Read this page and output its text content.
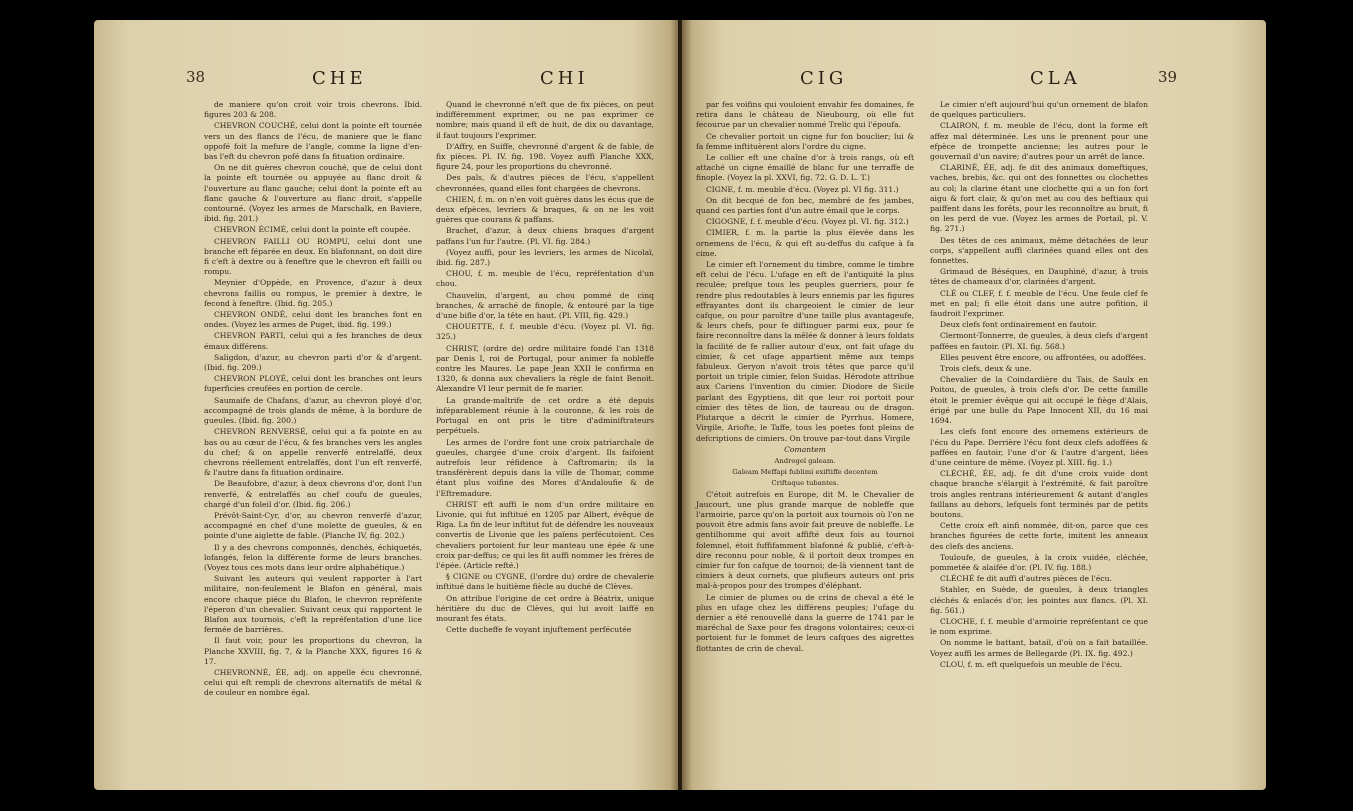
38	CHE	CHI

de maniere qu'on croit voir trois chevrons. Ibid. figures 203 & 208.

CHEVRON COUCHÉ, celui dont la pointe eft tournée vers un des flancs de l'écu, de maniere que le flanc oppofé foit la mefure de l'angle, comme la ligne d'en-bas l'eft du chevron pofé dans fa fituation ordinaire.

On ne dit guères chevron couché, que de celui dont la pointe eft tournée ou appuyée au flanc droit & l'ouverture au flanc gauche; celui dont la pointe eft au flanc gauche & l'ouverture au flanc droit, s'appelle contourné. (Voyez les armes de Marschalk, en Baviere, ibid. fig. 201.)

CHEVRON ÉCIMÉ, celui dont la pointe eft coupée.

CHEVRON FAILLI OU ROMPU, celui dont une branche eft féparée en deux. En blafonnant, on doit dire fi c'eft à dextre ou à feneftre que le chevron eft failli ou rompu.

Meynier d'Oppède, en Provence, d'azur à deux chevrons faillis ou rompus, le premier à dextre, le fecond à feneftre. (Ibid. fig. 205.)

CHEVRON ONDÉ, celui dont les branches font en ondes. (Voyez les armes de Puget, ibid. fig. 199.)

CHEVRON PARTI, celui qui a fes branches de deux émaux différens.

Saligdon, d'azur, au chevron parti d'or & d'argent. (Ibid. fig. 209.)

CHEVRON PLOYÉ, celui dont les branches ont leurs fuperficies creufées en portion de cercle.

Saumaife de Chafans, d'azur, au chevron ployé d'or, accompagné de trois glands de même, à la bordure de gueules. (Ibid. fig. 200.)

CHEVRON RENVERSÉ, celui qui a fa pointe en au bas ou au cœur de l'écu, & fes branches vers les angles du chef; & on appelle renverfé entrelaffé, deux chevrons réellement entrelaffés, dont l'un eft renverfé, & l'autre dans fa fituation ordinaire.

De Beaufobre, d'azur, à deux chevrons d'or, dont l'un renverfé, & entrelaffés au chef coufu de gueules, chargé d'un foleil d'or. (Ibid. fig. 206.)

Prévôt-Saint-Cyr, d'or, au chevron renverfé d'azur, accompagné en chef d'une molette de gueules, & en pointe d'une aiglette de fable. (Planche IV, fig. 202.)

Il y a des chevrons componnés, denchés, échiquetés, lofangés, felon la différente forme de leurs branches. (Voyez tous ces mots dans leur ordre alphabétique.)

Suivant les auteurs qui veulent rapporter à l'art militaire, non-feulement le Blafon en général, mais encore chaque piéce du Blafon, le chevron repréfente l'éperon d'un chevalier. Suivant ceux qui rapportent le Blafon aux tournois, c'eft la repréfentation d'une lice fermée de barrières.

Il faut voir, pour les proportions du chevron, la Planche XXVIII, fig. 7, & la Planche XXX, figures 16 & 17.

CHEVRONNÉ, ÉE, adj. on appelle écu chevronné, celui qui eft rempli de chevrons alternatifs de métal & de couleur en nombre égal.

Quand le chevronné n'eft que de fix pièces, on peut indifféremment exprimer, ou ne pas exprimer ce nombre; mais quand il eft de huit, de dix ou davantage, il faut toujours l'exprimer.

D'Affry, en Suiffe, chevronné d'argent & de fable, de fix pièces. Pl. IV. fig. 198. Voyez auffi Planche XXX, figure 24, pour les proportions du chevronné.

Des pals, & d'autres pièces de l'écu, s'appellent chevronnées, quand elles font chargées de chevrons.

CHIEN, f. m. on n'en voit guères dans les écus que de deux efpèces, levriers & braques, & on ne les voit guères que courans & paffans.

Brachet, d'azur, à deux chiens braques d'argent paffans l'un fur l'autre. (Pl. VI. fig. 284.)

(Voyez auffi, pour les levriers, les armes de Nicolaï, ibid. fig. 287.)

CHOU, f. m. meuble de l'écu, repréfentation d'un chou.

Chauvelin, d'argent, au chou pommé de cinq branches, & arraché de finople, & entouré par la tige d'une bifle d'or, la tête en haut. (Pl. VIII, fig. 429.)

CHOUETTE, f. f. meuble d'écu. (Voyez pl. VI. fig. 325.)

CHRIST, (ordre de) ordre militaire fondé l'an 1318 par Denis I, roi de Portugal, pour animer fa nobleffe contre les Maures. Le pape Jean XXII le confirma en 1320, & donna aux chevaliers la règle de faint Benoit. Alexandre VI leur permit de fe marier.

La grande-maîtrife de cet ordre a été depuis inféparablement réunie à la couronne, & les rois de Portugal en ont pris le titre d'adminiftrateurs perpétuels.

Les armes de l'ordre font une croix patriarchale de gueules, chargée d'une croix d'argent. Ils faifoient autrefois leur réfidence à Caftromarin; ils la transférèrent depuis dans la ville de Thomar, comme étant plus voifine des Mores d'Andaloufie & de l'Eftremadure.

CHRIST eft auffi le nom d'un ordre militaire en Livonie, qui fut inftitué en 1205 par Albert, évêque de Riga. La fin de leur inftitut fut de défendre les nouveaux convertis de Livonie que les païens perfécutoient. Ces chevaliers portoient fur leur manteau une épée & une croix par-deffus; ce qui les fit auffi nommer les frères de l'épée. (Article refté.)

§ CIGNE ou CYGNE, (l'ordre du) ordre de chevalerie inftitué dans le huitième fiècle au duché de Clèves.

On attribue l'origine de cet ordre à Béatrix, unique héritière du duc de Clèves, qui lui avoit laiffé en mourant fes états.

Cette ducheffe fe voyant injuftement perfécutée

CIG	CLA	39

par fes voifins qui vouloient envahir fes domaines, fe retira dans le château de Nieubourg, où elle fut fecourue par un chevalier nommé Trelic qui l'époufa.

Ce chevalier portoit un cigne fur fon bouclier; lui & fa femme inftituèrent alors l'ordre du cigne.

Le collier eft une chaîne d'or à trois rangs, où eft attaché un cigne émaillé de blanc fur une terraffe de finople. (Voyez la pl. XXVI, fig. 72. G. D. L. T.)

CIGNE, f. m. meuble d'écu. (Voyez pl. VI fig. 311.)

On dit becqué de fon bec, membré de fes jambes, quand ces parties font d'un autre émail que le corps.

CIGOGNE, f. f. meuble d'écu. (Voyez pl. VI. fig. 312.)

CIMIER, f. m. la partie la plus élevée dans les ornemens de l'écu, & qui eft au-deffus du cafque à fa cime.

Le cimier eft l'ornement du timbre, comme le timbre eft celui de l'écu. L'ufage en eft de l'antiquité la plus reculée; prefque tous les peuples guerriers, pour fe rendre plus redoutables à leurs ennemis par les figures effrayantes dont ils chargeoient le cimier de leur cafque, ou pour paroître d'une taille plus avantageufe, & leurs chefs, pour fe diftinguer parmi eux, pour fe faire reconnoître dans la mêlée & donner à leurs foldats la facilité de fe rallier autour d'eux, ont fait ufage du cimier, & cet ufage appartient même aux temps fabuleux. Geryon n'avoit trois têtes que parce qu'il portoit un triple cimier, felon Suidas. Hérodote attribue aux Cariens l'invention du cimier. Diodore de Sicile parlant des Egyptiens, dit que leur roi portoit pour cimier des têtes de lion, de taureau ou de dragon. Plutarque a décrit le cimier de Pyrrhus. Homere, Virgile, Ariofte, le Taffe, tous les poetes font pleins de defcriptions de cimiers. On trouve par-tout dans Virgile

Comantem

Androgeï galeam.

Galeam Meffapi fublimi exiftiffe decentem

Criftaque tubantes.

C'étoit autrefois en Europe, dit M. le Chevalier de Jaucourt, une plus grande marque de nobleffe que l'armoirie, parce qu'on la portoit aux tournois où l'on ne pouvoit être admis fans avoir fait preuve de nobleffe. Le gentilhomme qui avoit affifté deux fois au tournoi folemnel, étoit fuffifamment blafonné & publié, c'eft-à-dire reconnu pour noble, & il portoit deux trompes en cimier fur fon cafque de tournoi; de-là viennent tant de cimiers à deux cornets, que plufieurs auteurs ont pris mal-à-propos pour des trompes d'éléphant.

Le cimier de plumes ou de crins de cheval a été le plus en ufage chez les différens peuples; l'ufage du dernier a été renouvellé dans la guerre de 1741 par le maréchal de Saxe pour fes dragons volontaires; ceux-ci portoient fur le fommet de leurs cafques des aigrettes flottantes de crin de cheval.

Le cimier n'eft aujourd'hui qu'un ornement de blafon de quelques particuliers.

CLAIRON, f. m. meuble de l'écu, dont la forme eft affez mal déterminée. Les uns le prennent pour une efpèce de trompette ancienne; les autres pour le gouvernail d'un navire; d'autres pour un arrêt de lance.

CLARINÉ, ÉE, adj. fe dit des animaux domeftiques, vaches, brebis, &c. qui ont des fonnettes ou clochettes au col; la clarine étant une clochette qui a un fon fort aigu & fort clair, & qu'on met au cou des beftiaux qui paiffent dans les forêts, pour les reconnoître au bruit, fi on les perd de vue. (Voyez les armes de Portail, pl. V. fig. 271.)

Des têtes de ces animaux, même détachées de leur corps, s'appellent auffi clarinées quand elles ont des fonnettes.

Grimaud de Béséques, en Dauphiné, d'azur, à trois têtes de chameaux d'or, clarinées d'argent.

CLÉ ou CLEF, f. f. meuble de l'écu. Une feule clef fe met en pal; fi elle étoit dans une autre pofition, il faudroit l'exprimer.

Deux clefs font ordinairement en fautoir.

Clermont-Tonnerre, de gueules, à deux clefs d'argent paffées en fautoir. (Pl. XI. fig. 568.)

Elles peuvent être encore, ou affrontées, ou adoffées.

Trois clefs, deux & une.

Chevalier de la Coindardière du Tais, de Saulx en Poitou, de gueules, à trois clefs d'or. De cette famille étoit le premier évêque qui ait occupé le fiège d'Alais, érigé par une bulle du Pape Innocent XII, du 16 mai 1694.

Les clefs font encore des ornemens extérieurs de l'écu du Pape. Derrière l'écu font deux clefs adoffées & paffées en fautoir, l'une d'or & l'autre d'argent, liées d'une ceinture de même. (Voyez pl. XIII. fig. 1.)

CLÉCHÉ, ÉE, adj. fe dit d'une croix vuide dont chaque branche s'élargit à l'extrémité, & fait paroître trois angles rentrans intérieurement & autant d'angles faillans au dehors, lefquels font terminés par de petits boutons.

Cette croix eft ainfi nommée, dit-on, parce que ces branches figurées de cette forte, imitent les anneaux des clefs des anciens.

Touloufe, de gueules, à la croix vuidée, cléchée, pommetée & alaifée d'or. (Pl. IV. fig. 188.)

CLÉCHÉ fe dit auffi d'autres pièces de l'écu.

Stahler, en Suède, de gueules, à deux triangles cléchés & enlacés d'or, les pointes aux flancs. (Pl. XI. fig. 561.)

CLOCHE, f. f. meuble d'armoirie repréfentant ce que le nom exprime.

On nomme le battant, batail, d'où on a fait bataillée. Voyez auffi les armes de Bellegarde (Pl. IX. fig. 492.)

CLOU, f. m. eft quelquefois un meuble de l'écu.
